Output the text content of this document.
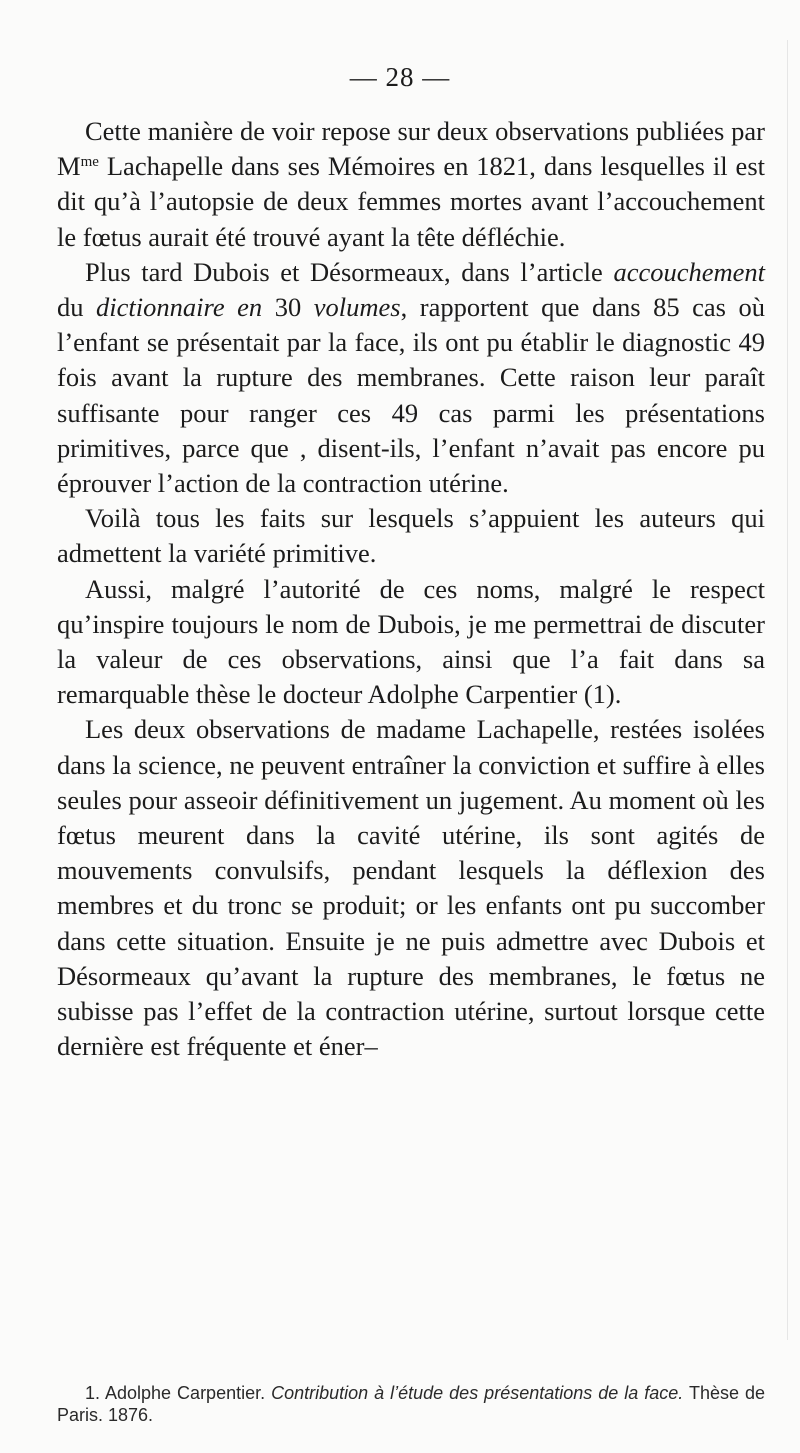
— 28 —

Cette manière de voir repose sur deux observations publiées par $M^{me}$ Lachapelle dans ses Mémoires en 1821, dans lesquelles il est dit qu’à l’autopsie de deux femmes mortes avant l’accouchement le fœtus aurait été trouvé ayant la tête défléchie.

Plus tard Dubois et Désormeaux, dans l’article accouchement du dictionnaire en 30 volumes, rapportent que dans 85 cas où l’enfant se présentait par la face, ils ont pu établir le diagnostic 49 fois avant la rupture des membranes. Cette raison leur paraît suffisante pour ranger ces 49 cas parmi les présentations primitives, parce que , disent-ils, l’enfant n’avait pas encore pu éprouver l’action de la contraction utérine.

Voilà tous les faits sur lesquels s’appuient les auteurs qui admettent la variété primitive.

Aussi, malgré l’autorité de ces noms, malgré le respect qu’inspire toujours le nom de Dubois, je me permettrai de discuter la valeur de ces observations, ainsi que l’a fait dans sa remarquable thèse le docteur Adolphe Carpentier (1).

Les deux observations de madame Lachapelle, restées isolées dans la science, ne peuvent entraîner la conviction et suffire à elles seules pour asseoir définitivement un jugement. Au moment où les fœtus meurent dans la cavité utérine, ils sont agités de mouvements convulsifs, pendant lesquels la déflexion des membres et du tronc se produit; or les enfants ont pu succomber dans cette situation. Ensuite je ne puis admettre avec Dubois et Désormeaux qu’avant la rupture des membranes, le fœtus ne subisse pas l’effet de la contraction utérine, surtout lorsque cette dernière est fréquente et éner–

1. Adolphe Carpentier. Contribution à l’étude des présentations de la face. Thèse de Paris. 1876.
